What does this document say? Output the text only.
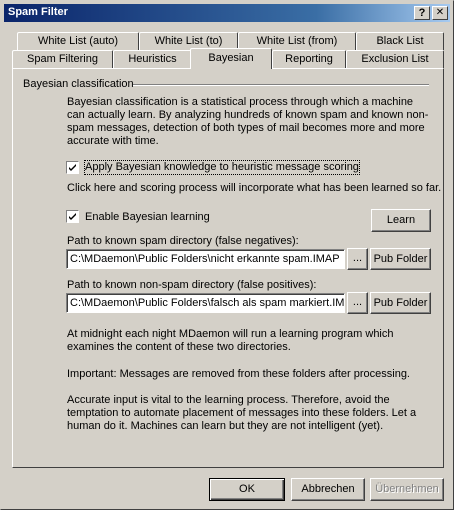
Spam Filter	?	✕
White List (auto)	White List (to)	White List (from)	Black List
Spam Filtering	Heuristics	Bayesian	Reporting	Exclusion List
Bayesian classification
Bayesian classification is a statistical process through which a machine can actually learn. By analyzing hundreds of known spam and known non-spam messages, detection of both types of mail becomes more and more accurate with time.
Apply Bayesian knowledge to heuristic message scoring
Click here and scoring process will incorporate what has been learned so far.
Enable Bayesian learning	Learn
Path to known spam directory (false negatives):
C:\MDaemon\Public Folders\nicht erkannte spam.IMAP	...	Pub Folder
Path to known non-spam directory (false positives):
C:\MDaemon\Public Folders\falsch als spam markiert.IM ...	Pub Folder
At midnight each night MDaemon will run a learning program which examines the content of these two directories.
Important: Messages are removed from these folders after processing.
Accurate input is vital to the learning process. Therefore, avoid the temptation to automate placement of messages into these folders. Let a human do it. Machines can learn but they are not intelligent (yet).
OK	Abbrechen	Übernehmen
